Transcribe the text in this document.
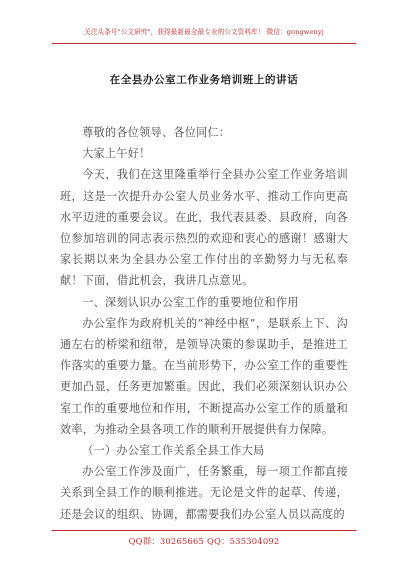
关注头条号"公文研究"，获得最新最全最专业的公文资料库！ 微信：gongwenyj
在全县办公室工作业务培训班上的讲话

尊敬的各位领导、各位同仁：

大家上午好！

今天，我们在这里隆重举行全县办公室工作业务培训班，这是一次提升办公室人员业务水平、推动工作向更高水平迈进的重要会议。在此，我代表县委、县政府，向各位参加培训的同志表示热烈的欢迎和衷心的感谢！感谢大家长期以来为全县办公室工作付出的辛勤努力与无私奉献！下面，借此机会，我讲几点意见。

一、深刻认识办公室工作的重要地位和作用

办公室作为政府机关的“神经中枢”，是联系上下、沟通左右的桥梁和纽带，是领导决策的参谋助手，是推进工作落实的重要力量。在当前形势下，办公室工作的重要性更加凸显，任务更加繁重。因此，我们必须深刻认识办公室工作的重要地位和作用，不断提高办公室工作的质量和效率，为推动全县各项工作的顺利开展提供有力保障。

（一）办公室工作关系全县工作大局

办公室工作涉及面广，任务繁重，每一项工作都直接关系到全县工作的顺利推进。无论是文件的起草、传递，还是会议的组织、协调，都需要我们办公室人员以高度的

QQ群：30265665 QQ：535304092
